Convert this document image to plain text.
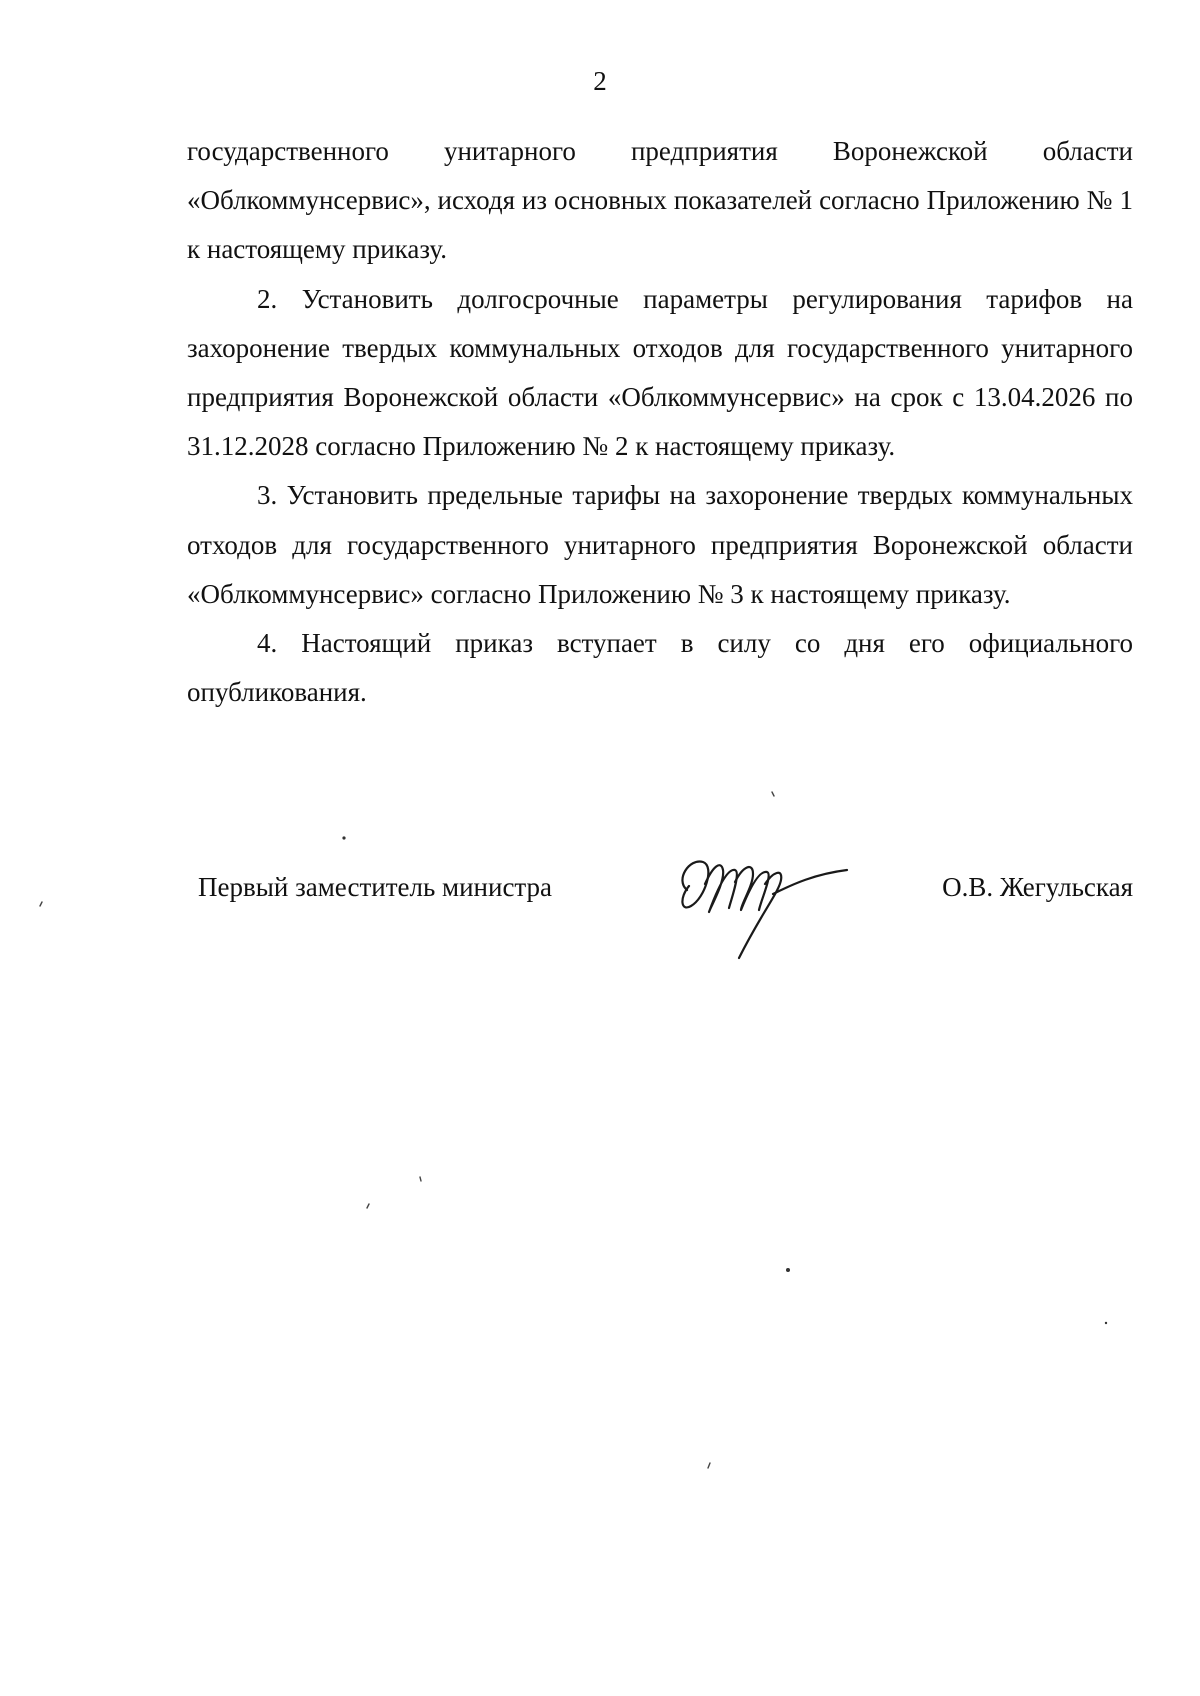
2

государственного унитарного предприятия Воронежской области «Облкоммунсервис», исходя из основных показателей согласно Приложению № 1 к настоящему приказу.

2. Установить долгосрочные параметры регулирования тарифов на захоронение твердых коммунальных отходов для государственного унитарного предприятия Воронежской области «Облкоммунсервис» на срок с 13.04.2026 по 31.12.2028 согласно Приложению № 2 к настоящему приказу.

3. Установить предельные тарифы на захоронение твердых коммунальных отходов для государственного унитарного предприятия Воронежской области «Облкоммунсервис» согласно Приложению № 3 к настоящему приказу.

4. Настоящий приказ вступает в силу со дня его официального опубликования.

Первый заместитель министра	О.В. Жегульская
